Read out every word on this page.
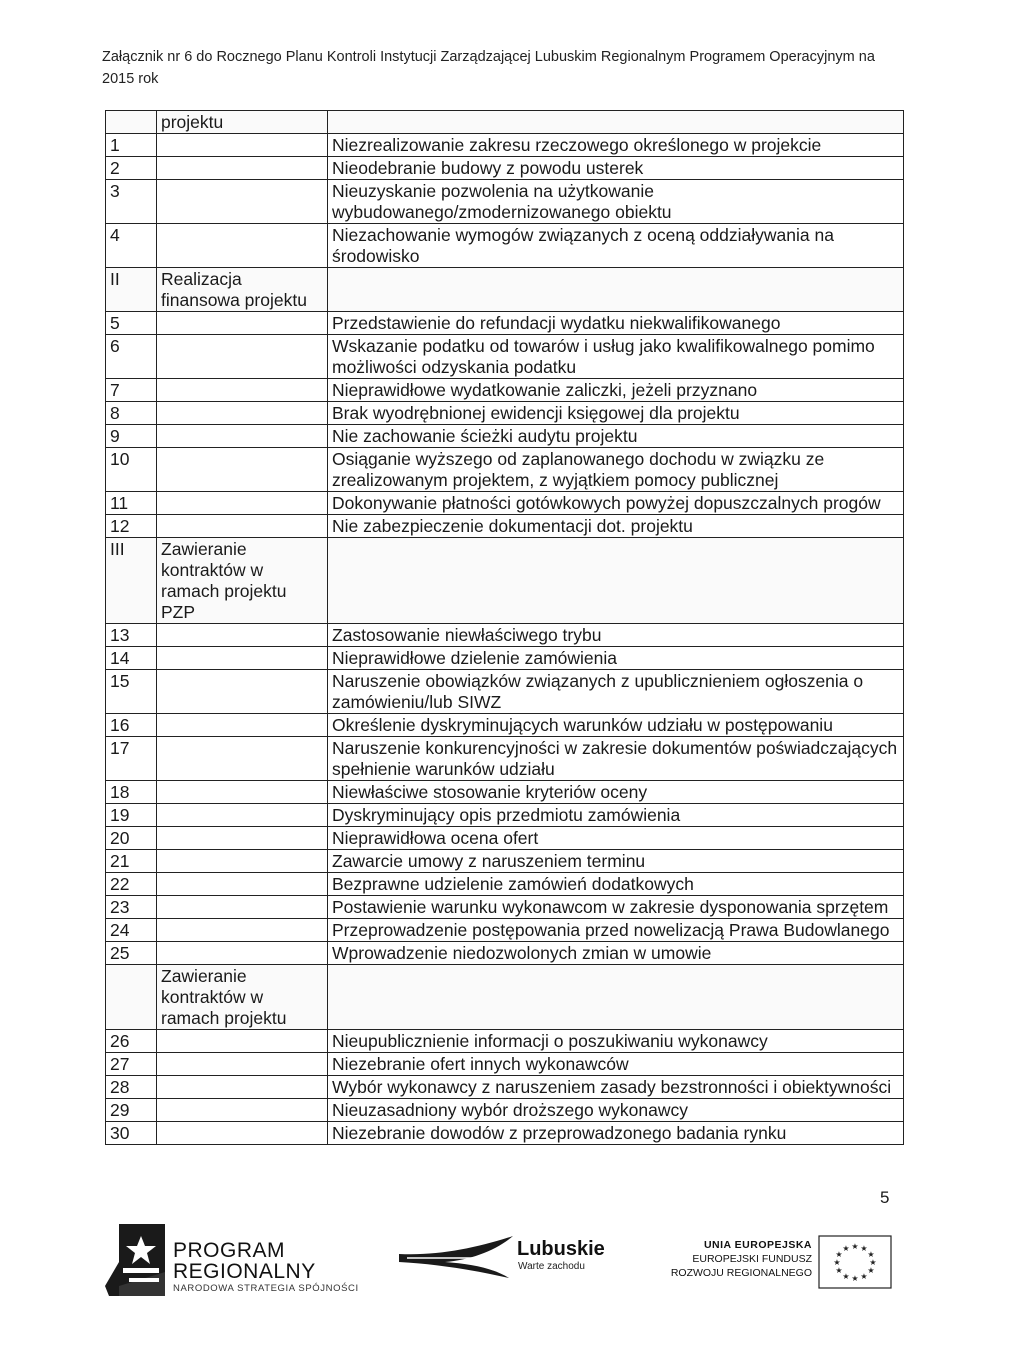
Załącznik nr 6 do Rocznego Planu Kontroli Instytucji Zarządzającej Lubuskim Regionalnym Programem Operacyjnym na
2015 rok
	projektu	
1		Niezrealizowanie zakresu rzeczowego określonego w projekcie
2		Nieodebranie budowy z powodu usterek
3		Nieuzyskanie pozwolenia na użytkowanie wybudowanego/zmodernizowanego obiektu
4		Niezachowanie wymogów związanych z oceną oddziaływania na środowisko
II	Realizacja finansowa projektu	
5		Przedstawienie do refundacji wydatku niekwalifikowanego
6		Wskazanie podatku od towarów i usług jako kwalifikowalnego pomimo możliwości odzyskania podatku
7		Nieprawidłowe wydatkowanie zaliczki, jeżeli przyznano
8		Brak wyodrębnionej ewidencji księgowej dla projektu
9		Nie zachowanie ścieżki audytu projektu
10		Osiąganie wyższego od zaplanowanego dochodu w związku ze zrealizowanym projektem, z wyjątkiem pomocy publicznej
11		Dokonywanie płatności gotówkowych powyżej dopuszczalnych progów
12		Nie zabezpieczenie dokumentacji dot. projektu
III	Zawieranie kontraktów w ramach projektu PZP	
13		Zastosowanie niewłaściwego trybu
14		Nieprawidłowe dzielenie zamówienia
15		Naruszenie obowiązków związanych z upublicznieniem ogłoszenia o zamówieniu/lub SIWZ
16		Określenie dyskryminujących warunków udziału w postępowaniu
17		Naruszenie konkurencyjności w zakresie dokumentów poświadczających spełnienie warunków udziału
18		Niewłaściwe stosowanie kryteriów oceny
19		Dyskryminujący opis przedmiotu zamówienia
20		Nieprawidłowa ocena ofert
21		Zawarcie umowy z naruszeniem terminu
22		Bezprawne udzielenie zamówień dodatkowych
23		Postawienie warunku wykonawcom w zakresie dysponowania sprzętem
24		Przeprowadzenie postępowania przed nowelizacją Prawa Budowlanego
25		Wprowadzenie niedozwolonych zmian w umowie
	Zawieranie kontraktów w ramach projektu	
26		Nieupublicznienie informacji o poszukiwaniu wykonawcy
27		Niezebranie ofert innych wykonawców
28		Wybór wykonawcy z naruszeniem zasady bezstronności i obiektywności
29		Nieuzasadniony wybór droższego wykonawcy
30		Niezebranie dowodów z przeprowadzonego badania rynku
5
PROGRAM
REGIONALNY
NARODOWA STRATEGIA SPÓJNOŚCI
Lubuskie
Warte zachodu
UNIA EUROPEJSKA
EUROPEJSKI FUNDUSZ
ROZWOJU REGIONALNEGO
★ ★
★
★
★
★
★
★
★
★
★
★
